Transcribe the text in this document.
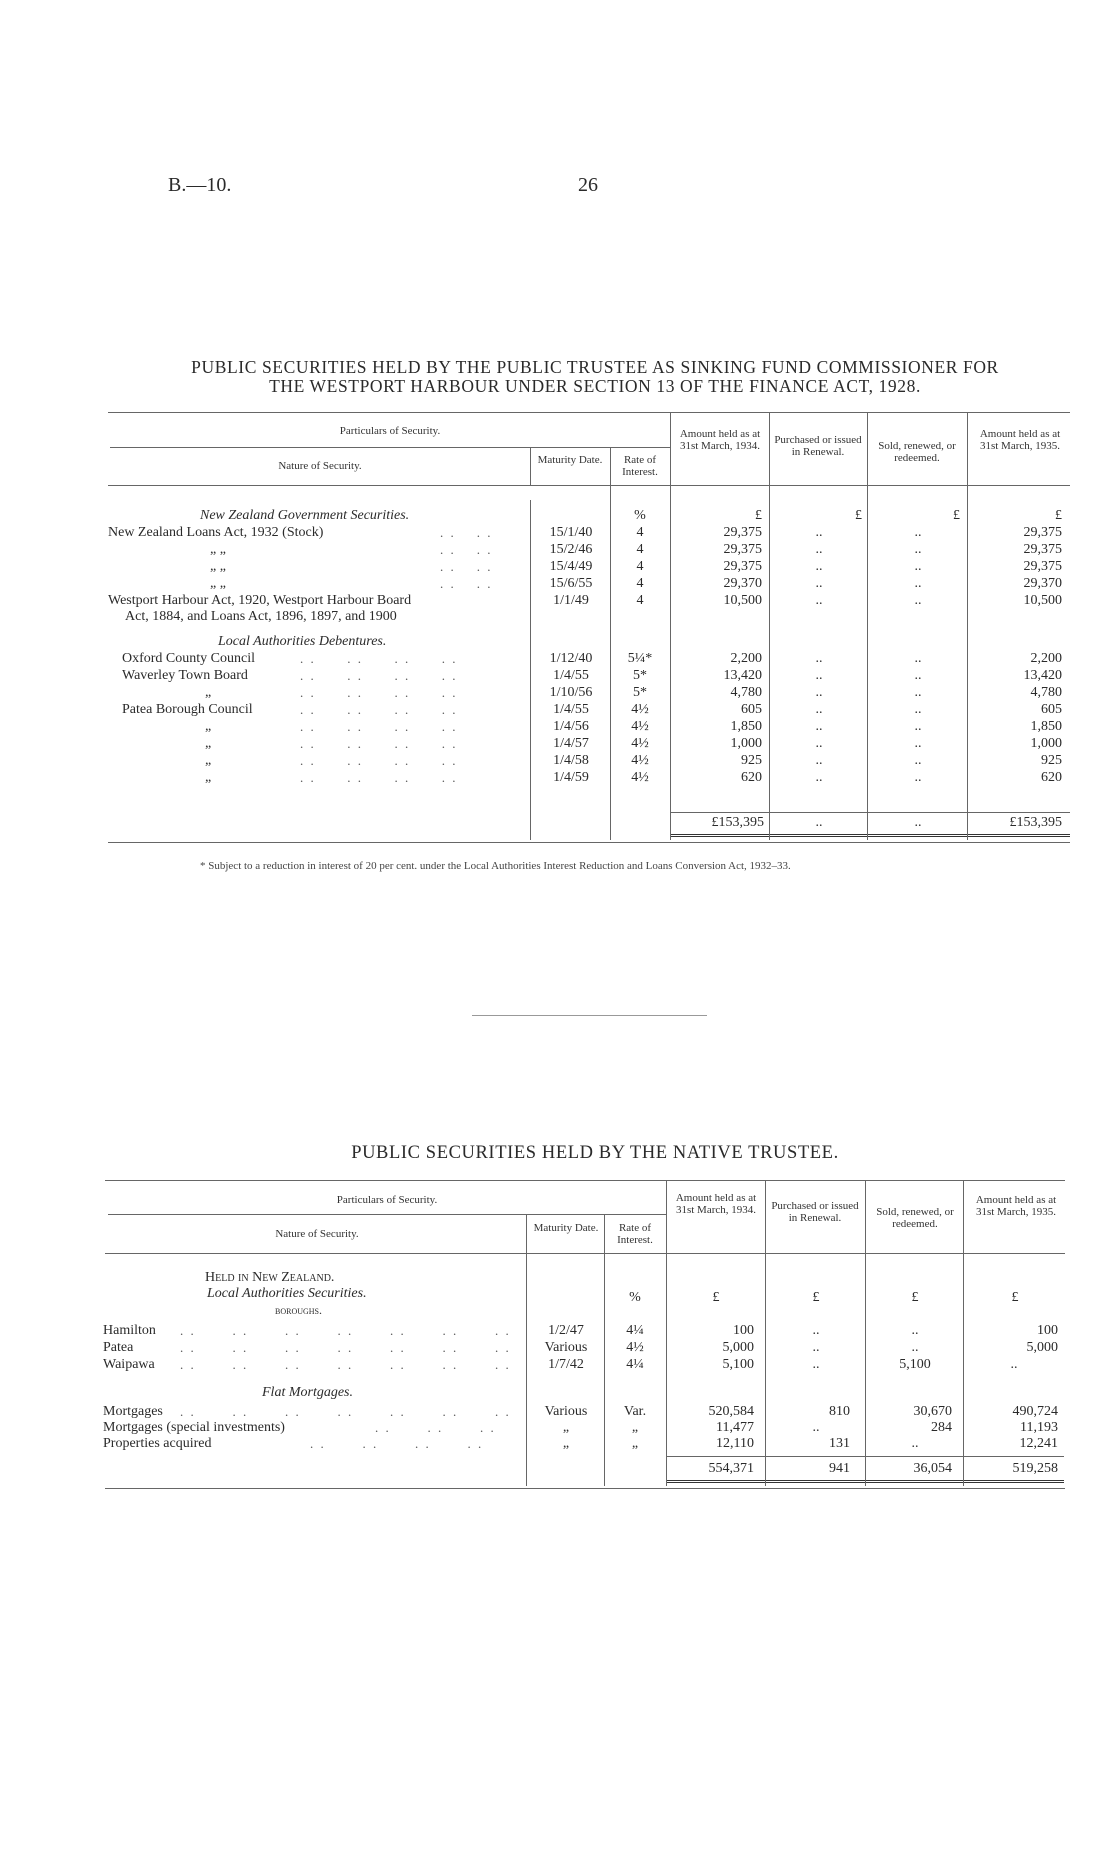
B.—10.	26
PUBLIC SECURITIES HELD BY THE PUBLIC TRUSTEE AS SINKING FUND COMMISSIONER FOR
THE WESTPORT HARBOUR UNDER SECTION 13 OF THE FINANCE ACT, 1928.
Particulars of Security.
Nature of Security.	Maturity Date.	Rate of Interest.
Amount held as at 31st March, 1934.	Purchased or issued in Renewal.	Sold, renewed, or redeemed.
Amount held as at 31st March, 1935.
New Zealand Government Securities.	%	£	£	£	£
New Zealand Loans Act, 1932 (Stock)	. .    . .	15/1/40	4	29,375	..	..	29,375
„ „	. .    . .	15/2/46	4	29,375	..	..	29,375
„ „	. .    . .	15/4/49	4	29,375	..	..	29,375
„ „	. .    . .	15/6/55	4	29,370	..	..	29,370
Westport Harbour Act, 1920, Westport Harbour Board
Act, 1884, and Loans Act, 1896, 1897, and 1900
1/1/49	4	10,500	..	..	10,500
Local Authorities Debentures.
Oxford County Council	. .      . .      . .      . .	1/12/40	5¼*	2,200	..	..	2,200
Waverley Town Board	. .      . .      . .      . .	1/4/55	5*	13,420	..	..	13,420
„	. .      . .      . .      . .	1/10/56	5*	4,780	..	..	4,780
Patea Borough Council	. .      . .      . .      . .	1/4/55	4½	605	..	..	605
„	. .      . .      . .      . .	1/4/56	4½	1,850	..	..	1,850
„	. .      . .      . .      . .	1/4/57	4½	1,000	..	..	1,000
„	. .      . .      . .      . .	1/4/58	4½	925	..	..	925
„	. .      . .      . .      . .	1/4/59	4½	620	..	..	620
£153,395	..	..	£153,395
* Subject to a reduction in interest of 20 per cent. under the Local Authorities Interest Reduction and Loans Conversion Act, 1932–33.
PUBLIC SECURITIES HELD BY THE NATIVE TRUSTEE.
Particulars of Security.
Nature of Security.	Maturity Date.	Rate of Interest.
Amount held as at 31st March, 1934.	Purchased or issued in Renewal.	Sold, renewed, or redeemed.
Amount held as at 31st March, 1935.
Held in New Zealand.
Local Authorities Securities.
boroughs.
%	£	£	£	£
Hamilton . .       . .       . .       . .       . .       . .       . .	1/2/47	4¼	100	..	..	100
Patea	. .       . .       . .       . .       . .       . .       . .	Various	4½	5,000	..	..	5,000
Waipawa . .       . .       . .       . .       . .       . .       . .	1/7/42	4¼	5,100	..	5,100	..
Flat Mortgages.
Mortgages . .       . .       . .       . .       . .       . .       . .	Various	Var.	520,584	810	30,670	490,724
Mortgages (special investments)	. .       . .       . .	„	„	11,477	..	284	11,193
Properties acquired	. .       . .       . .       . .	„	„	12,110	131	..	12,241
554,371	941	36,054	519,258
